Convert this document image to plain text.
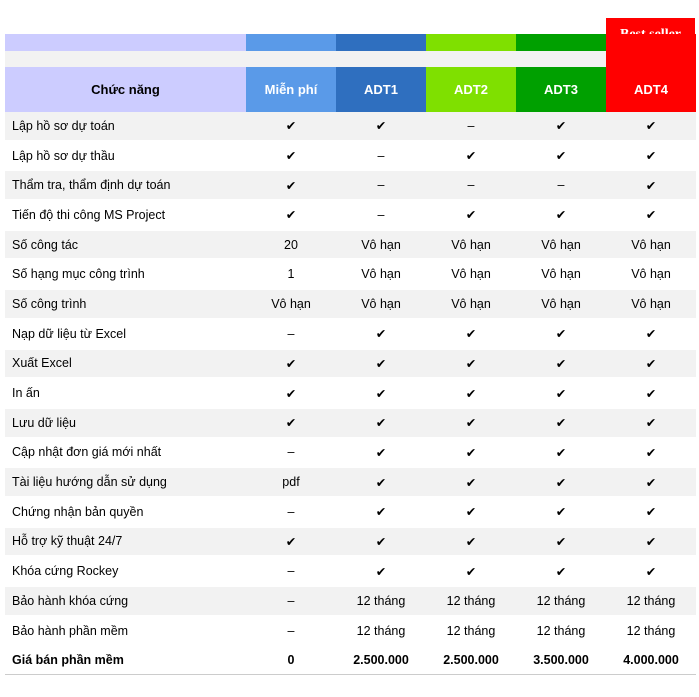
Chức năng	Miễn phí	ADT1	ADT2	ADT3	ADT4
Lập hồ sơ dự toán	✔	✔	–	✔	✔
Lập hồ sơ dự thầu	✔	–	✔	✔	✔
Thẩm tra, thẩm định dự toán	✔	–	–	–	✔
Tiến độ thi công MS Project	✔	–	✔	✔	✔
Số công tác	20	Vô hạn	Vô hạn	Vô hạn	Vô hạn
Số hạng mục công trình	1	Vô hạn	Vô hạn	Vô hạn	Vô hạn
Số công trình	Vô hạn	Vô hạn	Vô hạn	Vô hạn	Vô hạn
Nạp dữ liệu từ Excel	–	✔	✔	✔	✔
Xuất Excel	✔	✔	✔	✔	✔
In ấn	✔	✔	✔	✔	✔
Lưu dữ liệu	✔	✔	✔	✔	✔
Cập nhật đơn giá mới nhất	–	✔	✔	✔	✔
Tài liệu hướng dẫn sử dụng	pdf	✔	✔	✔	✔
Chứng nhận bản quyền	–	✔	✔	✔	✔
Hỗ trợ kỹ thuật 24/7	✔	✔	✔	✔	✔
Khóa cứng Rockey	–	✔	✔	✔	✔
Bảo hành khóa cứng	–	12 tháng	12 tháng	12 tháng	12 tháng
Bảo hành phần mềm	–	12 tháng	12 tháng	12 tháng	12 tháng
Giá bán phần mềm	0	2.500.000	2.500.000	3.500.000	4.000.000
